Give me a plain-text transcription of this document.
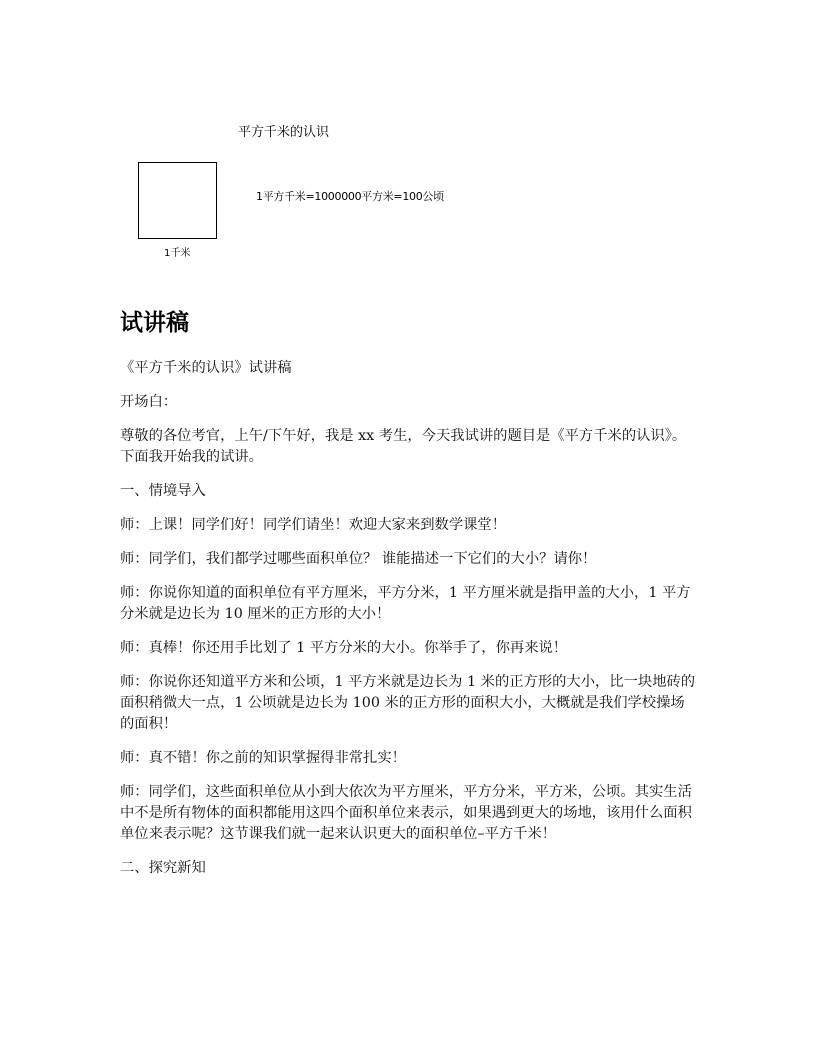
平方千米的认识
1千米
1平方千米=1000000平方米=100公顷
试讲稿

《平方千米的认识》试讲稿

开场白：

尊敬的各位考官，上午/下午好，我是 xx 考生，今天我试讲的题目是《平方千米的认识》。下面我开始我的试讲。

一、情境导入

师：上课！同学们好！同学们请坐！欢迎大家来到数学课堂！

师：同学们，我们都学过哪些面积单位？ 谁能描述一下它们的大小？请你！

师：你说你知道的面积单位有平方厘米，平方分米，1 平方厘米就是指甲盖的大小，1 平方分米就是边长为 10 厘米的正方形的大小！

师：真棒！你还用手比划了 1 平方分米的大小。你举手了，你再来说！

师：你说你还知道平方米和公顷，1 平方米就是边长为 1 米的正方形的大小，比一块地砖的面积稍微大一点，1 公顷就是边长为 100 米的正方形的面积大小，大概就是我们学校操场的面积！

师：真不错！你之前的知识掌握得非常扎实！

师：同学们，这些面积单位从小到大依次为平方厘米，平方分米，平方米，公顷。其实生活中不是所有物体的面积都能用这四个面积单位来表示，如果遇到更大的场地，该用什么面积单位来表示呢？这节课我们就一起来认识更大的面积单位–平方千米！

二、探究新知
